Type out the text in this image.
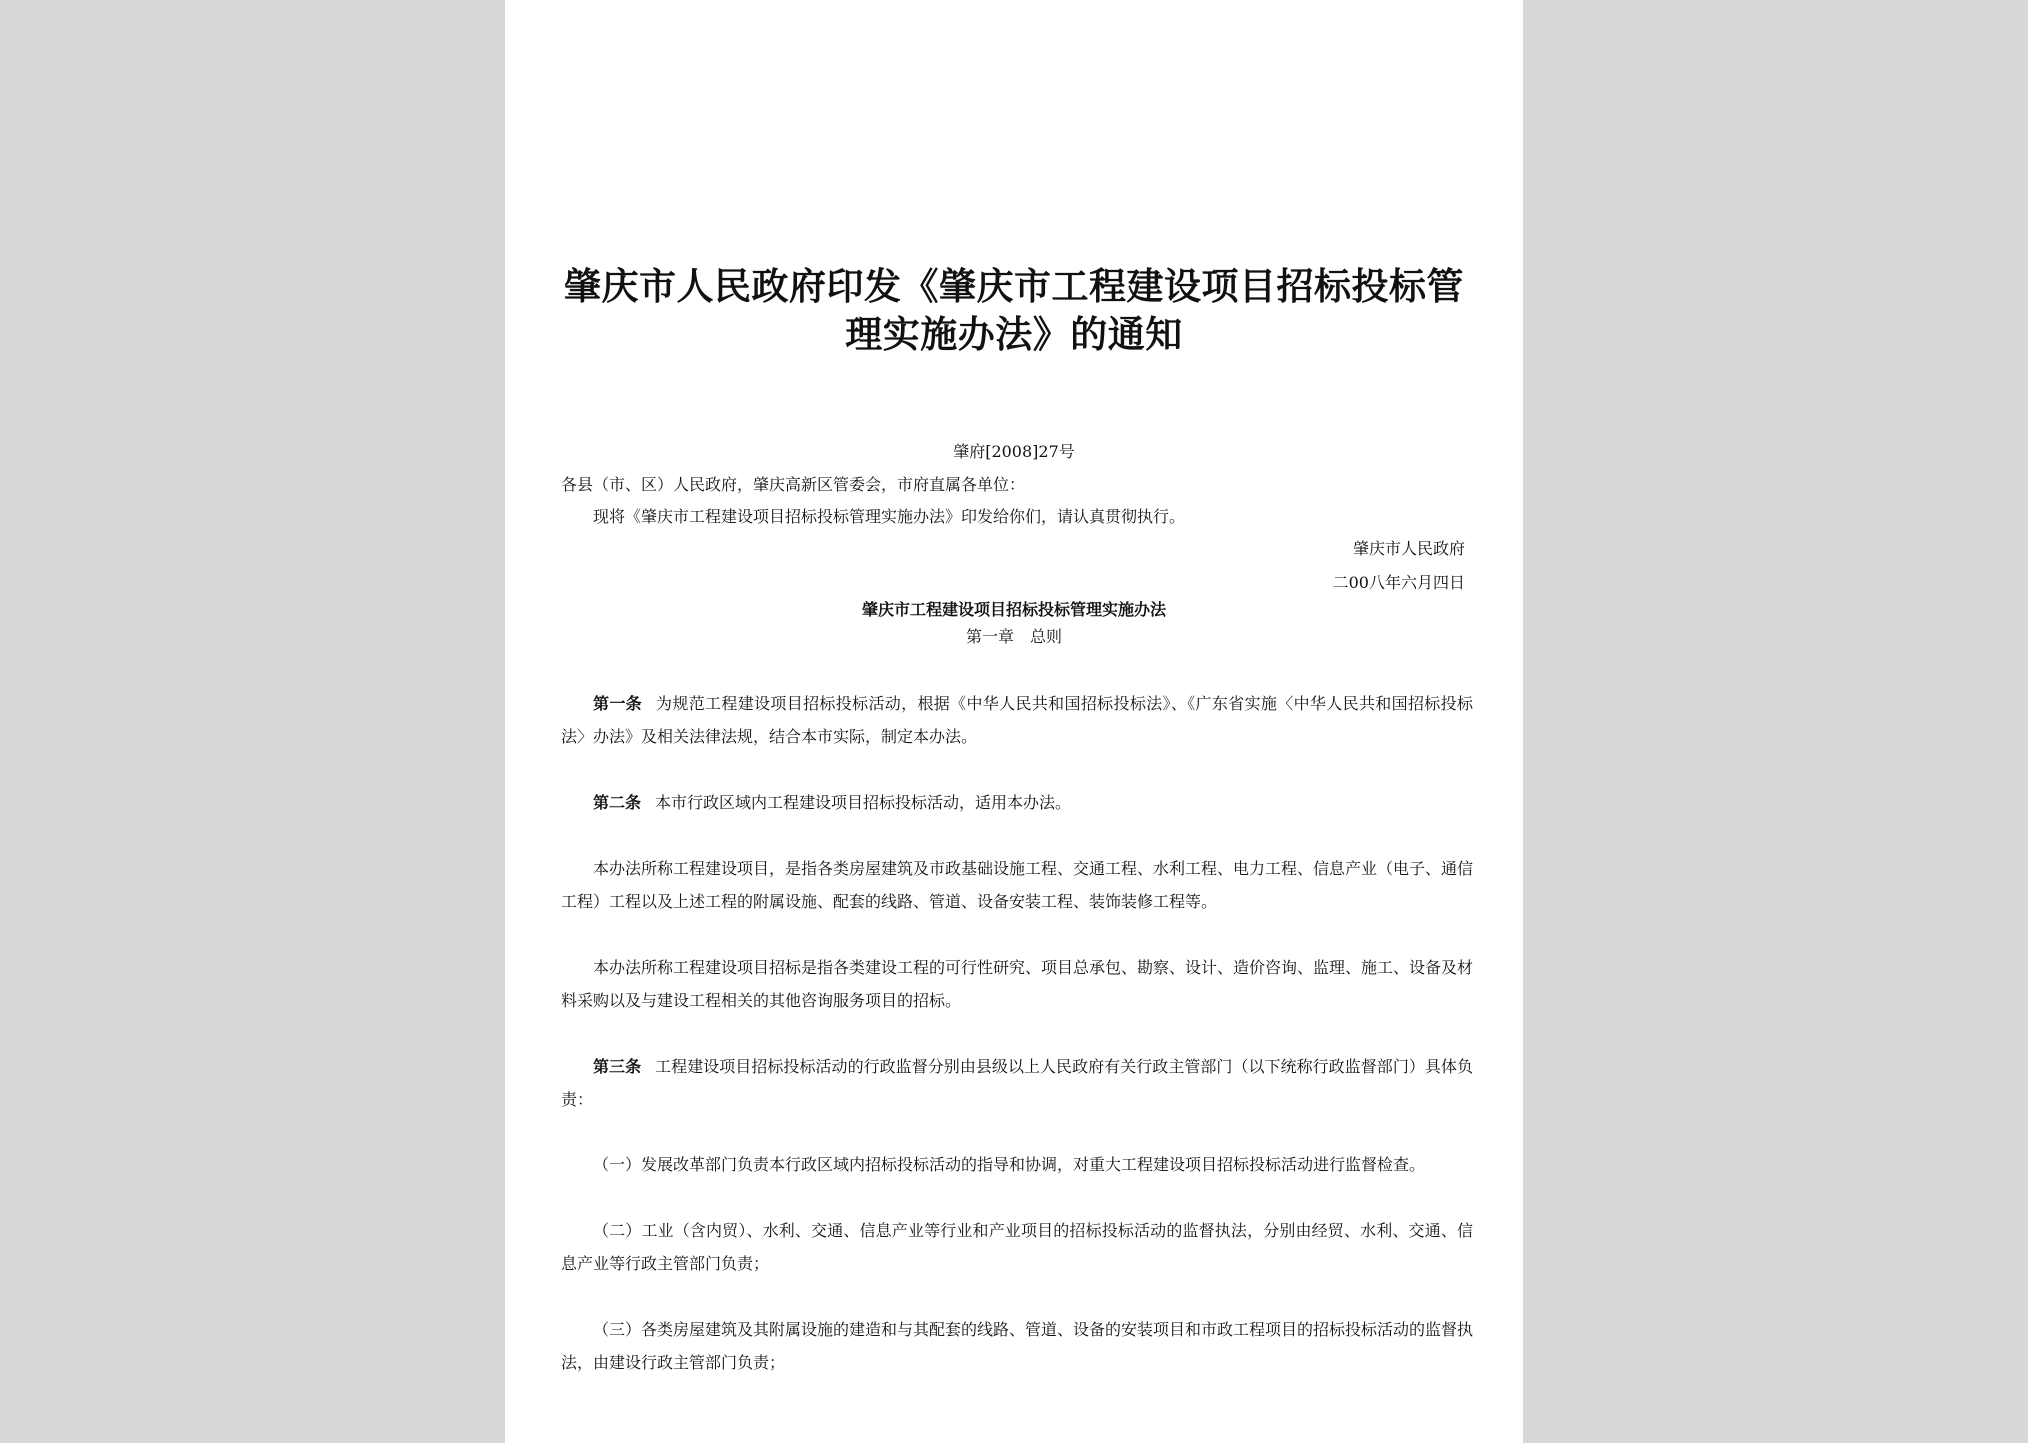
肇庆市人民政府印发《肇庆市工程建设项目招标投标管
理实施办法》的通知
肇府[2008]27号
各县（市、区）人民政府，肇庆高新区管委会，市府直属各单位：
现将《肇庆市工程建设项目招标投标管理实施办法》印发给你们，请认真贯彻执行。
肇庆市人民政府
二00八年六月四日
肇庆市工程建设项目招标投标管理实施办法
第一章　总则
第一条 为规范工程建设项目招标投标活动，根据《中华人民共和国招标投标法》、《广东省实施〈中华人民共和国招标投标法〉办法》及相关法律法规，结合本市实际，制定本办法。
第二条 本市行政区域内工程建设项目招标投标活动，适用本办法。
本办法所称工程建设项目，是指各类房屋建筑及市政基础设施工程、交通工程、水利工程、电力工程、信息产业（电子、通信工程）工程以及上述工程的附属设施、配套的线路、管道、设备安装工程、装饰装修工程等。
本办法所称工程建设项目招标是指各类建设工程的可行性研究、项目总承包、勘察、设计、造价咨询、监理、施工、设备及材料采购以及与建设工程相关的其他咨询服务项目的招标。
第三条 工程建设项目招标投标活动的行政监督分别由县级以上人民政府有关行政主管部门（以下统称行政监督部门）具体负责：
（一）发展改革部门负责本行政区域内招标投标活动的指导和协调，对重大工程建设项目招标投标活动进行监督检查。
（二）工业（含内贸）、水利、交通、信息产业等行业和产业项目的招标投标活动的监督执法，分别由经贸、水利、交通、信息产业等行政主管部门负责；
（三）各类房屋建筑及其附属设施的建造和与其配套的线路、管道、设备的安装项目和市政工程项目的招标投标活动的监督执法，由建设行政主管部门负责；
